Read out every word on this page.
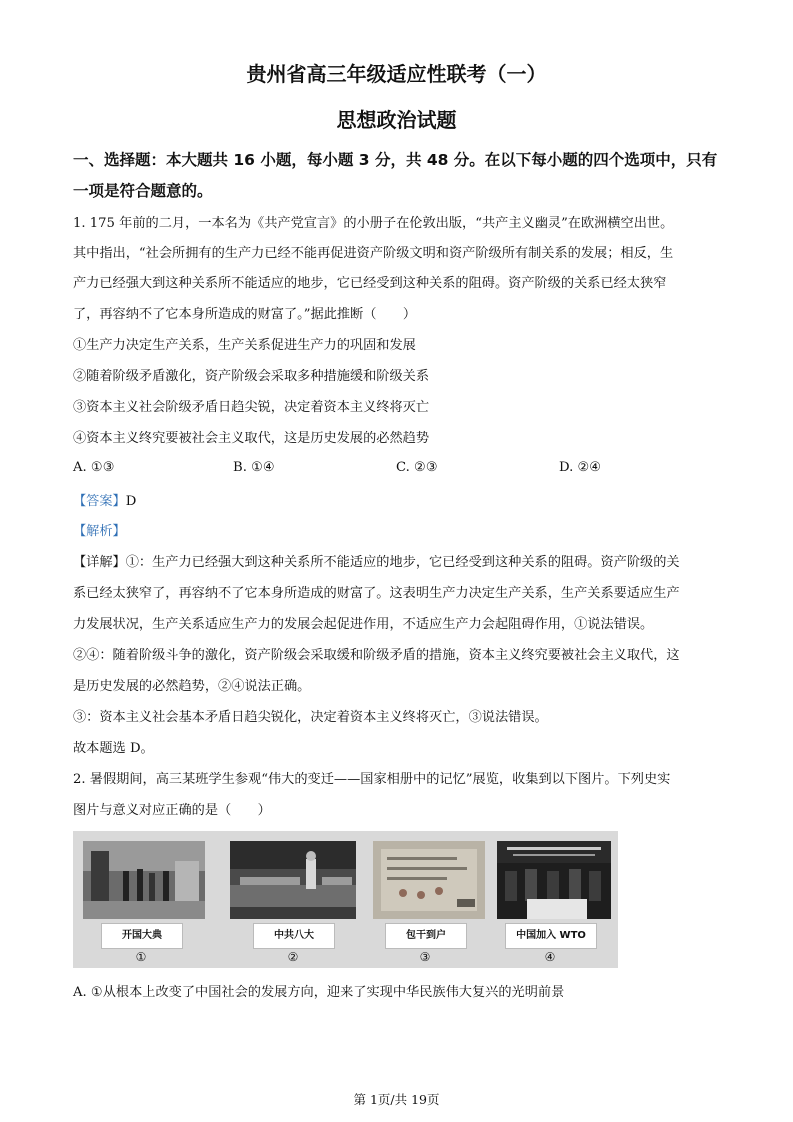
贵州省高三年级适应性联考（一）
思想政治试题
一、选择题：本大题共 16 小题，每小题 3 分，共 48 分。在以下每小题的四个选项中，只有
一项是符合题意的。
1. 175 年前的二月，一本名为《共产党宣言》的小册子在伦敦出版，“共产主义幽灵”在欧洲横空出世。
其中指出，“社会所拥有的生产力已经不能再促进资产阶级文明和资产阶级所有制关系的发展；相反，生
产力已经强大到这种关系所不能适应的地步，它已经受到这种关系的阻碍。资产阶级的关系已经太狭窄
了，再容纳不了它本身所造成的财富了。”据此推断（　　）
①生产力决定生产关系，生产关系促进生产力的巩固和发展
②随着阶级矛盾激化，资产阶级会采取多种措施缓和阶级关系
③资本主义社会阶级矛盾日趋尖锐，决定着资本主义终将灭亡
④资本主义终究要被社会主义取代，这是历史发展的必然趋势
A. ①③	B. ①④	C. ②③	D. ②④
【答案】D
【解析】
【详解】①：生产力已经强大到这种关系所不能适应的地步，它已经受到这种关系的阻碍。资产阶级的关
系已经太狭窄了，再容纳不了它本身所造成的财富了。这表明生产力决定生产关系，生产关系要适应生产
力发展状况，生产关系适应生产力的发展会起促进作用，不适应生产力会起阻碍作用，①说法错误。
②④：随着阶级斗争的激化，资产阶级会采取缓和阶级矛盾的措施，资本主义终究要被社会主义取代，这
是历史发展的必然趋势，②④说法正确。
③：资本主义社会基本矛盾日趋尖锐化，决定着资本主义终将灭亡，③说法错误。
故本题选 D。
2. 暑假期间，高三某班学生参观“伟大的变迁——国家相册中的记忆”展览，收集到以下图片。下列史实
图片与意义对应正确的是（　　）
开国大典	中共八大	包干到户	中国加入 WTO
①	②	③	④
A. ①从根本上改变了中国社会的发展方向，迎来了实现中华民族伟大复兴的光明前景
第 1页/共 19页
